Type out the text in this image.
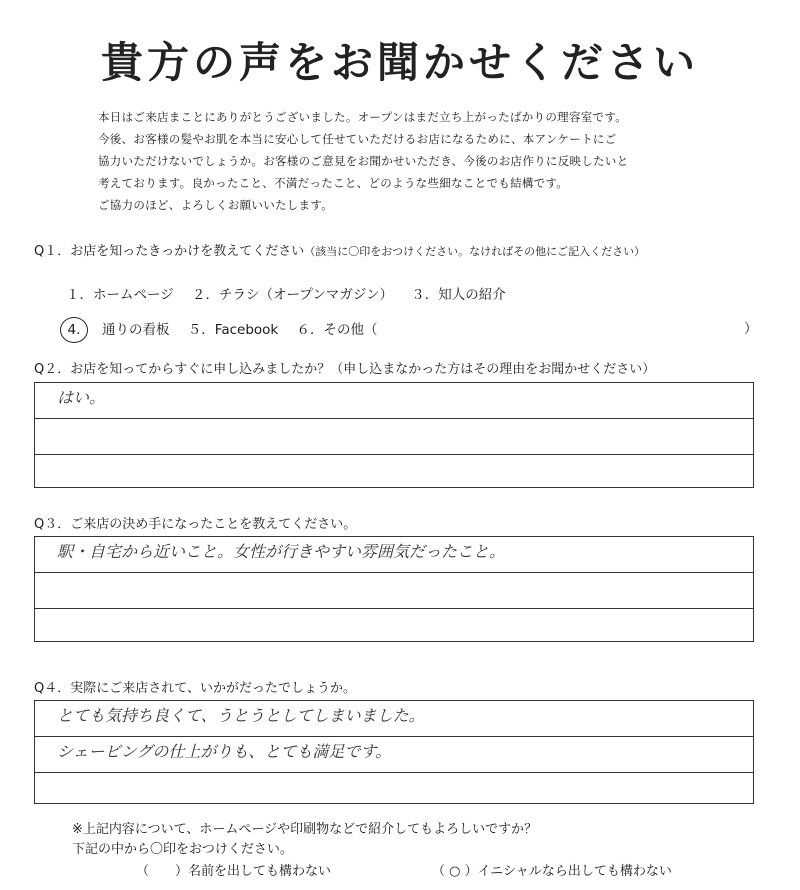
貴方の声をお聞かせください
本日はご来店まことにありがとうございました。オープンはまだ立ち上がったばかりの理容室です。
今後、お客様の髪やお肌を本当に安心して任せていただけるお店になるために、本アンケートにご
協力いただけないでしょうか。お客様のご意見をお聞かせいただき、今後のお店作りに反映したいと
考えております。良かったこと、不満だったこと、どのような些細なことでも結構です。
ご協力のほど、よろしくお願いいたします。
Q１．お店を知ったきっかけを教えてください（該当に〇印をおつけください。なければその他にご記入ください）
１．ホームページ ２．チラシ（オープンマガジン） ３．知人の紹介
4. 通りの看板 ５．Facebook ６．その他（	）
Q２．お店を知ってからすぐに申し込みましたか？（申し込まなかった方はその理由をお聞かせください）
はい。
Q３．ご来店の決め手になったことを教えてください。
駅・自宅から近いこと。女性が行きやすい雰囲気だったこと。
Q４．実際にご来店されて、いかがだったでしょうか。
とても気持ち良くて、うとうとしてしまいました。
シェービングの仕上がりも、とても満足です。
※上記内容について、ホームページや印刷物などで紹介してもよろしいですか？
下記の中から〇印をおつけください。
（　　）名前を出しても構わない	（ ○ ）イニシャルなら出しても構わない
